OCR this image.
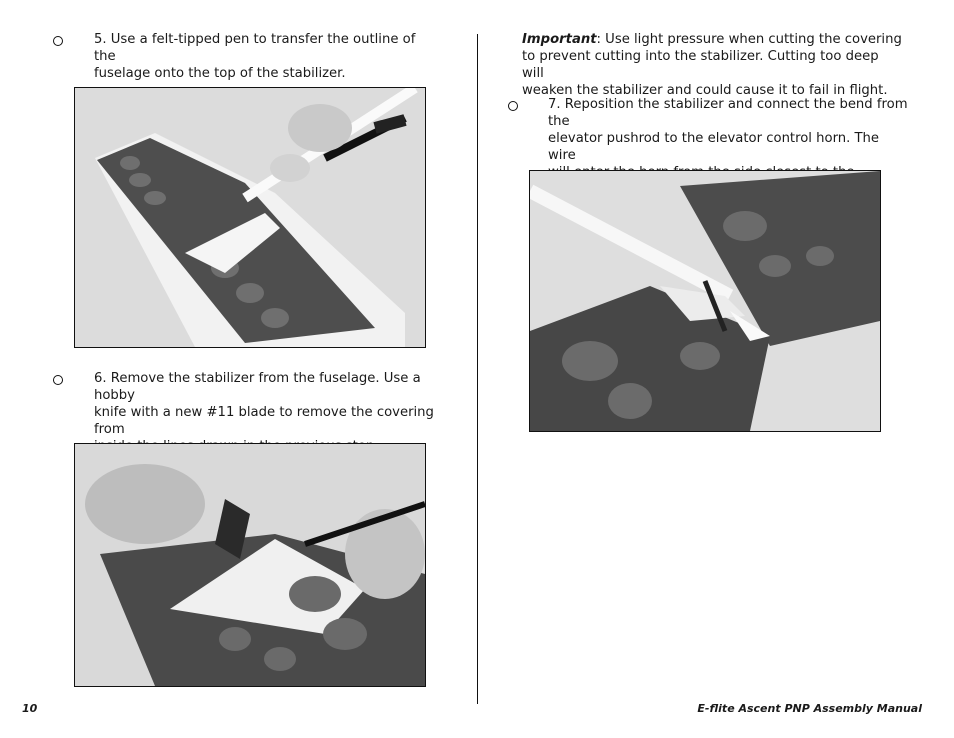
5. Use a felt-tipped pen to transfer the outline of the
fuselage onto the top of the stabilizer.
6. Remove the stabilizer from the fuselage. Use a hobby
knife with a new #11 blade to remove the covering from
Important: Use light pressure when cutting the covering
to prevent cutting into the stabilizer. Cutting too deep will
weaken the stabilizer and could cause it to fail in flight.
7. Reposition the stabilizer and connect the bend from the
elevator pushrod to the elevator control horn. The wire
10	E-flite Ascent PNP Assembly Manual
